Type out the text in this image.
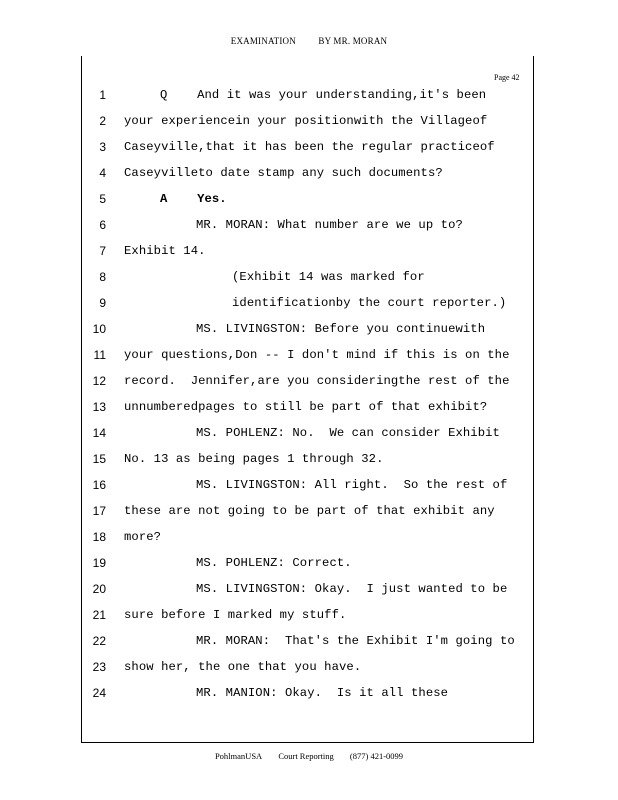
EXAMINATION BY MR. MORAN
Page 42
1
2
3
4
5
6
7
8
9
10
11
12
13
14
15
16
17
18
19
20
21
22
23
24
Q    And it was your understanding,it's been
your experiencein your positionwith the Villageof
Caseyville,that it has been the regular practiceof
Caseyvilleto date stamp any such documents?
A    Yes.
MR. MORAN: What number are we up to?
Exhibit 14.
(Exhibit 14 was marked for
identificationby the court reporter.)
MS. LIVINGSTON: Before you continuewith
your questions,Don -- I don't mind if this is on the
record.  Jennifer,are you consideringthe rest of the
unnumberedpages to still be part of that exhibit?
MS. POHLENZ: No.  We can consider Exhibit
No. 13 as being pages 1 through 32.
MS. LIVINGSTON: All right.  So the rest of
these are not going to be part of that exhibit any
more?
MS. POHLENZ: Correct.
MS. LIVINGSTON: Okay.  I just wanted to be
sure before I marked my stuff.
MR. MORAN:  That's the Exhibit I'm going to
show her, the one that you have.
MR. MANION: Okay.  Is it all these
PohlmanUSA Court Reporting (877) 421-0099
